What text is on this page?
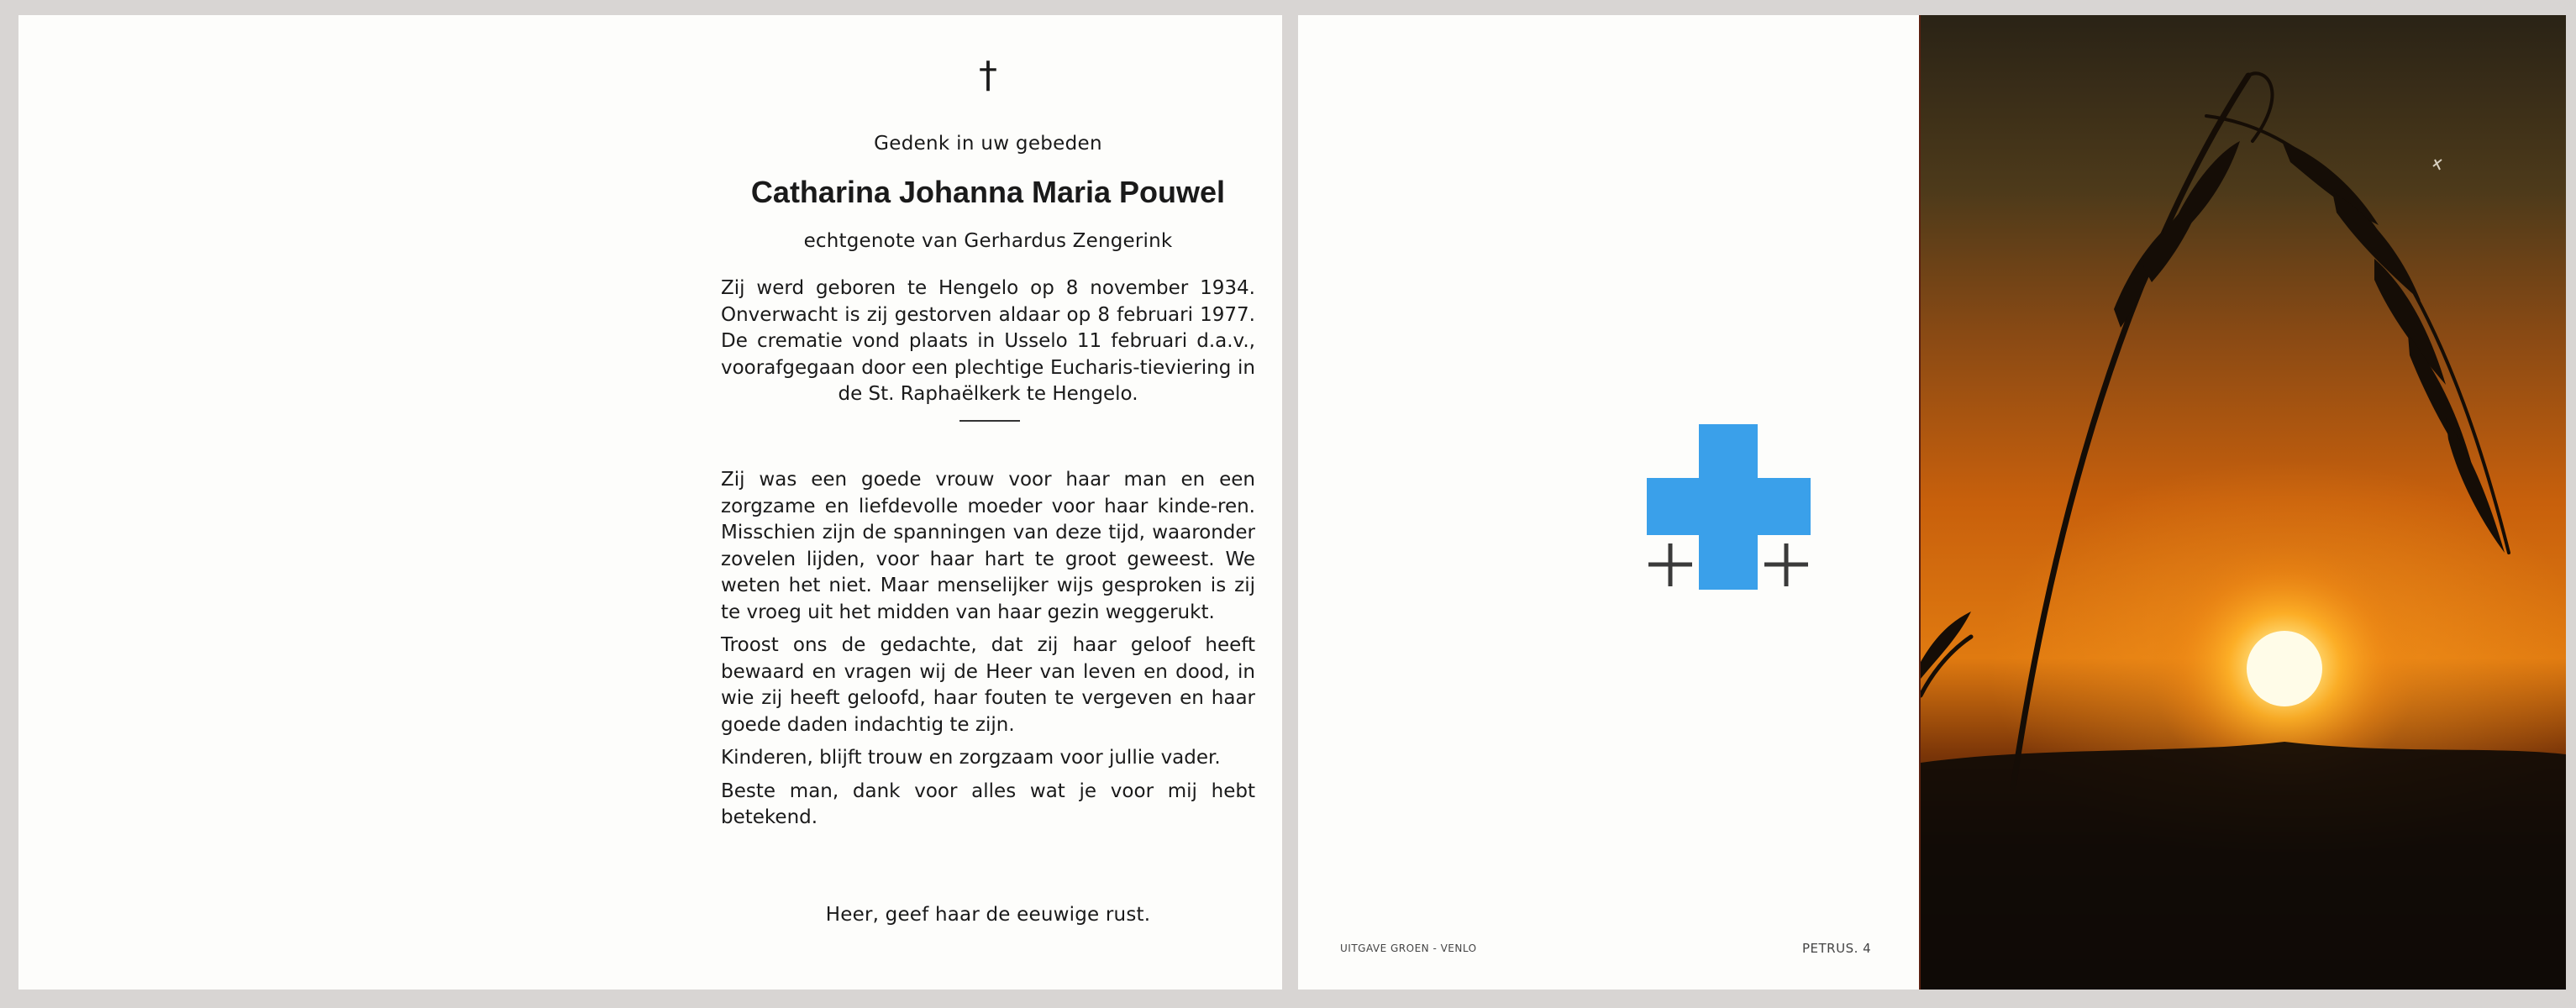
†
Gedenk in uw gebeden
Catharina Johanna Maria Pouwel
echtgenote van Gerhardus Zengerink
Zij werd geboren te Hengelo op 8 november 1934. Onverwacht is zij gestorven aldaar op 8 februari 1977. De crematie vond plaats in Usselo 11 februari d.a.v., voorafgegaan door een plechtige Eucharis-tieviering in de St. Raphaëlkerk te Hengelo.

Zij was een goede vrouw voor haar man en een zorgzame en liefdevolle moeder voor haar kinde-ren. Misschien zijn de spanningen van deze tijd, waaronder zovelen lijden, voor haar hart te groot geweest. We weten het niet. Maar menselijker wijs gesproken is zij te vroeg uit het midden van haar gezin weggerukt.

Troost ons de gedachte, dat zij haar geloof heeft bewaard en vragen wij de Heer van leven en dood, in wie zij heeft geloofd, haar fouten te vergeven en haar goede daden indachtig te zijn.

Kinderen, blijft trouw en zorgzaam voor jullie vader.

Beste man, dank voor alles wat je voor mij hebt betekend.

Heer, geef haar de eeuwige rust.
UITGAVE GROEN - VENLO	PETRUS. 4
